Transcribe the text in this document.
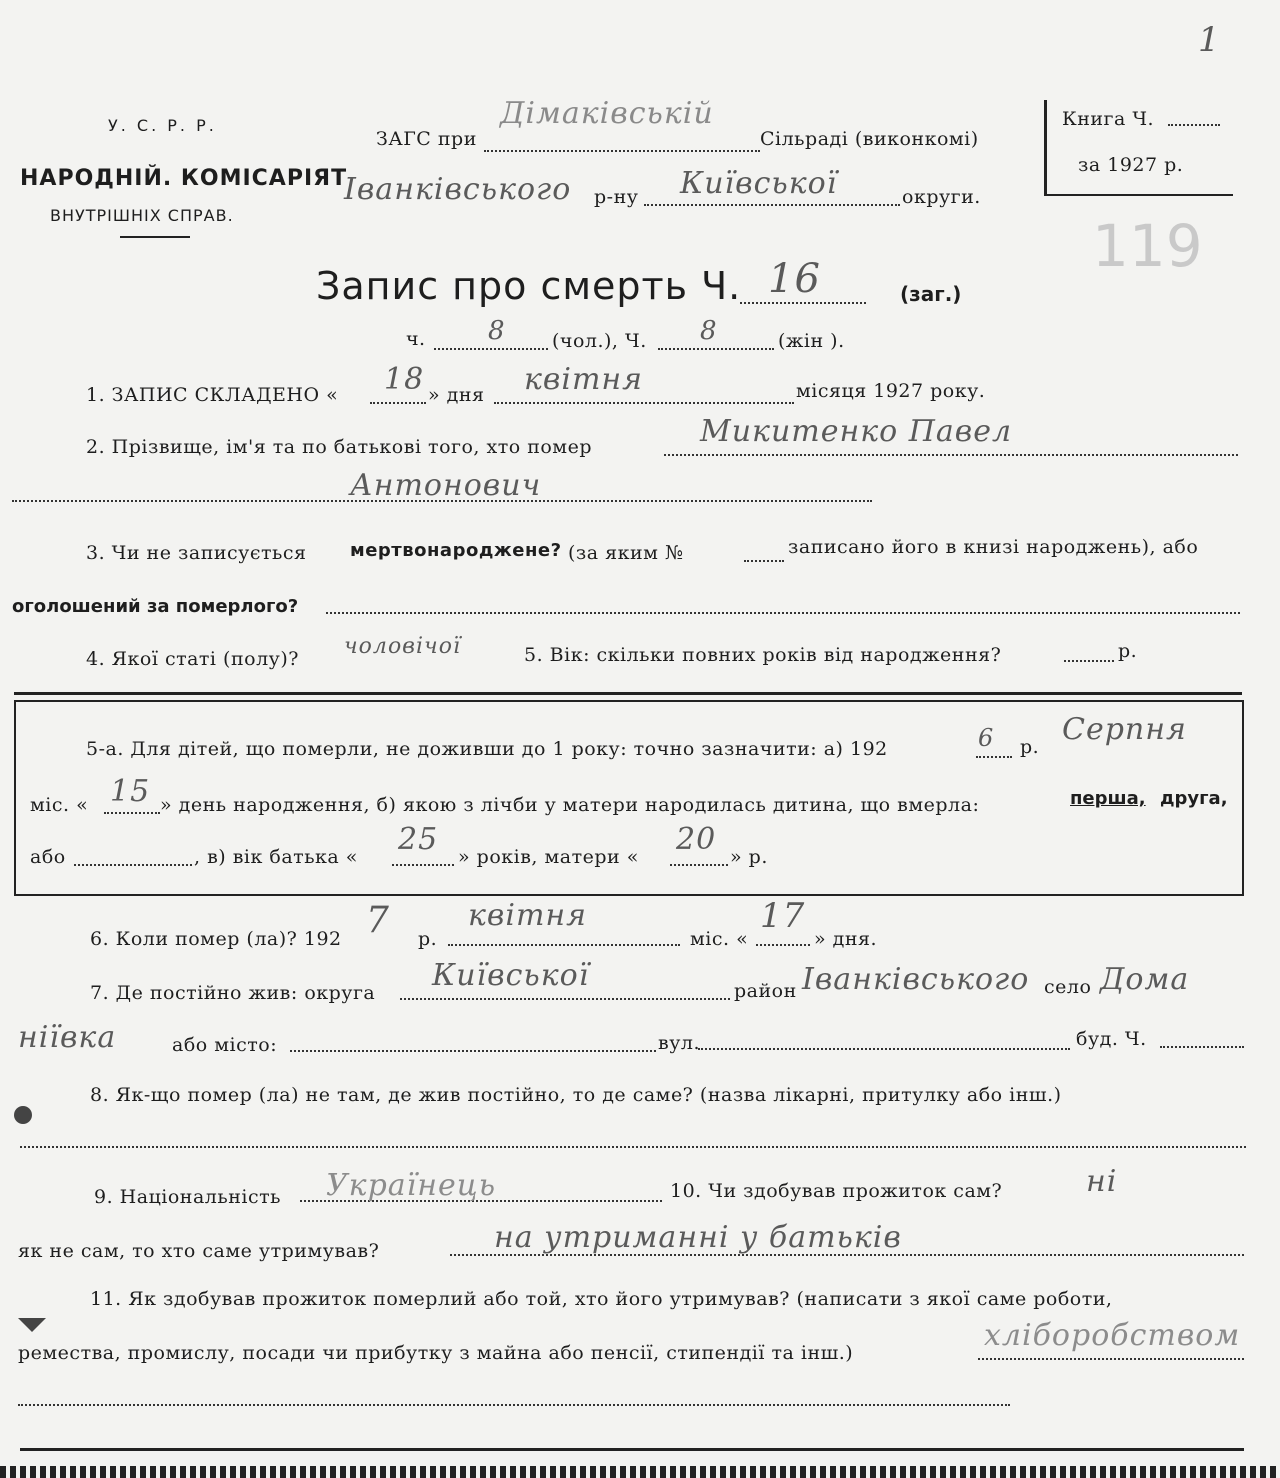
У. С. Р. Р.
НАРОДНІЙ. КОМІСАРІЯТ
ВНУТРІШНІХ СПРАВ.
ЗАГС при
Дімаківській
Сільраді (виконкомі)
Іванківського р-ну Київської	округи.
Книга Ч.
за 1927 р.
1
119
Запис про смерть Ч. 16	(заг.)
ч. 8 (чол.), Ч. 8	(жін ).
1. ЗАПИС СКЛАДЕНО « 18 » дня квітня	місяця 1927 року.
2. Прізвище, ім'я та по батькові того, хто помер	Микитенко Павел
Антонович
3. Чи не записується мертвонароджене? (за яким №	записано його в книзі народжень), або
оголошений за померлого?
4. Якої статі (полу)? чоловічої	5. Вік: скільки повних років від народження?	р.
5-а. Для дітей, що померли, не доживши до 1 року: точно зазначити: а) 192	6 р. Серпня
міс. « 15 » день народження, б) якою з лічби у матери народилась дитина, що вмерла:	перша, друга,
або	, в) вік батька « 25 » років, матери « 20 » р.
6. Коли помер (ла)? 192 7 р.
квітня
міс. «
17
» дня.
7. Де постійно жив: округа Київської	район Іванківського село Дома
ніївка	або місто:	вул.	буд. Ч.
8. Як-що помер (ла) не там, де жив постійно, то де саме? (назва лікарні, притулку або інш.)
9. Національність Українець	10. Чи здобував прожиток сам?	ні
як не сам, то хто саме утримував?	на утриманні у батьків
11. Як здобував прожиток померлий або той, хто його утримував? (написати з якої саме роботи,
ремества, промислу, посади чи прибутку з майна або пенсії, стипендії та інш.)	хліборобством
